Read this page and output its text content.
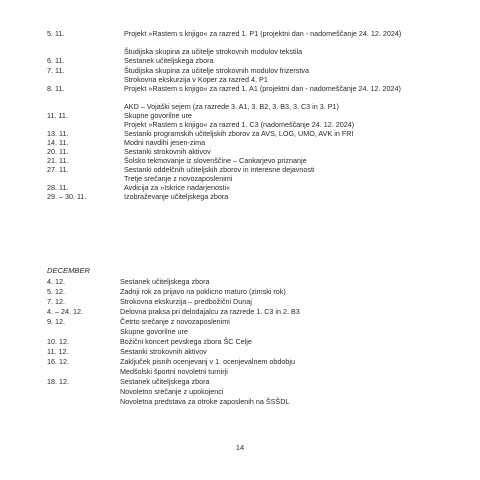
5. 11.	Projekt »Rastem s knjigo« za razred 1. P1 (projektni dan - nadomeščanje 24. 12. 2024)
Študijska skupina za učitelje strokovnih modulov tekstila
6. 11.	Sestanek učiteljskega zbora
7. 11.	Študijska skupina za učitelje strokovnih modulov frizerstva
Strokovna ekskurzija v Koper za razred 4. P1
8. 11.	Projekt »Rastem s knjigo« za razred 1. A1 (projektni dan - nadomeščanje 24. 12. 2024)
AKD – Vojaški sejem (za razrede 3. A1, 3. B2, 3. B3, 3. C3 in 3. P1)
11. 11.	Skupne govorilne ure
Projekt »Rastem s knjigo« za razred 1. C3 (nadomeščanje 24. 12. 2024)
13. 11.	Sestanki programskih učiteljskih zborov za AVS, LOG, UMO, AVK in FRI
14. 11.	Modni navdihi jesen-zima
20. 11.	Sestanki strokovnih aktivov
21. 11.	Šolsko tekmovanje iz slovenščine – Cankarjevo priznanje
27. 11.	Sestanki oddelčnih učiteljskih zborov in interesne dejavnosti
Tretje srečanje z novozaposlenimi
28. 11.	Avdicija za »Iskrice nadarjenosti«
29. – 30. 11.	Izobraževanje učiteljskega zbora
DECEMBER
4. 12.	Sestanek učiteljskega zbora
5. 12.	Zadnji rok za prijavo na poklicno maturo (zimski rok)
7. 12.	Strokovna ekskurzija – predbožični Dunaj
4. – 24. 12.	Delovna praksa pri delodajalcu za razrede 1. C3 in 2. B3
9. 12.	Četrto srečanje z novozaposlenimi
Skupne govorilne ure
10. 12.	Božični koncert pevskega zbora ŠC Celje
11. 12.	Sestanki strokovnih aktivov
16. 12.	Zaključek pisnih ocenjevanj v 1. ocenjevalnem obdobju
Medšolski športni novoletni turnirji
18. 12.	Sestanek učiteljskega zbora
Novoletno srečanje z upokojenci
Novoletna predstava za otroke zaposlenih na ŠSŠDL
14
